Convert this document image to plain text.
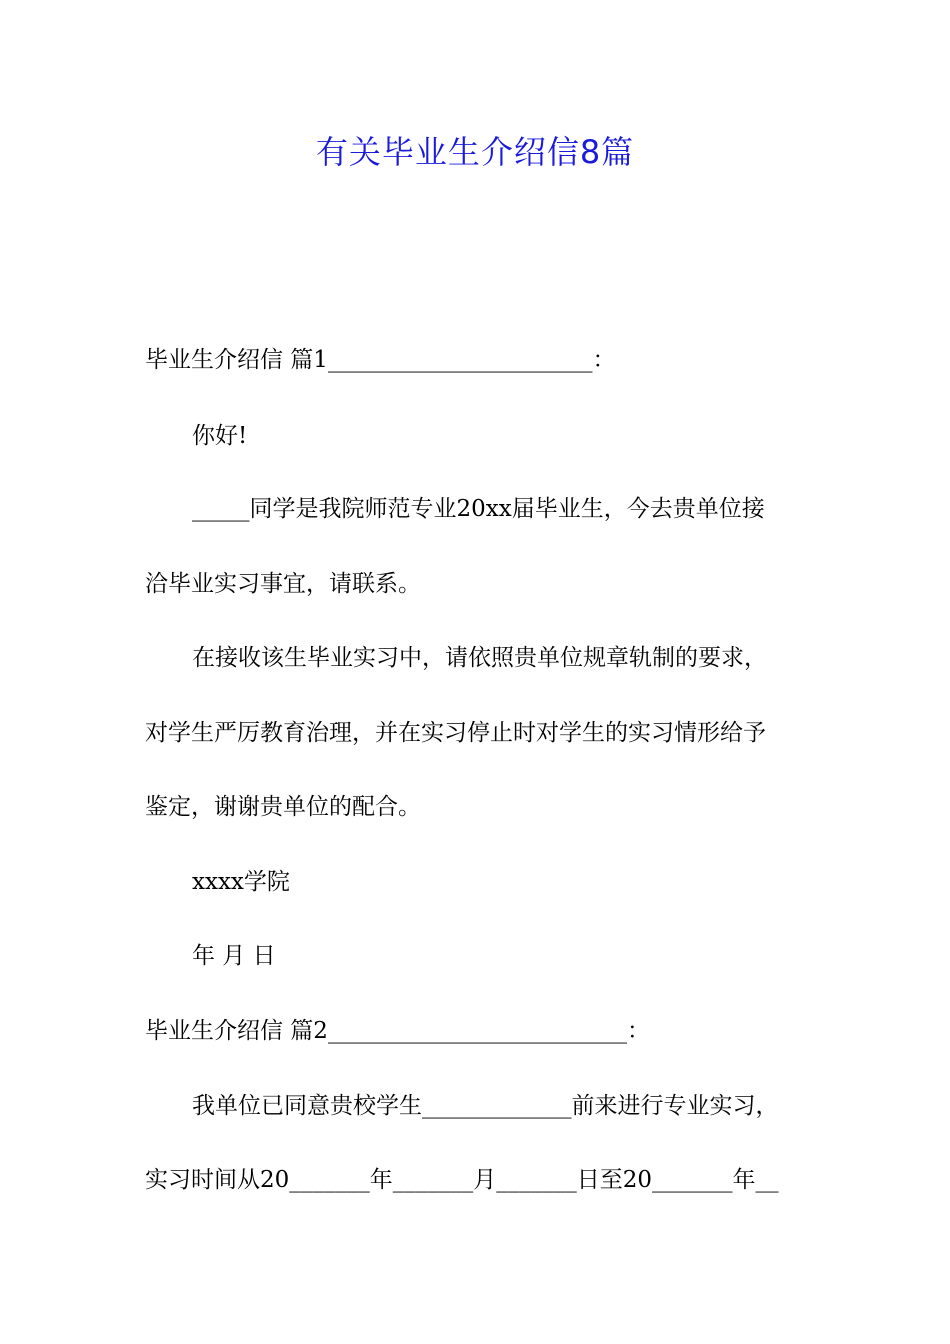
有关毕业生介绍信8篇
毕业生介绍信 篇1_______________________：
你好!
_____同学是我院师范专业20xx届毕业生，今去贵单位接
洽毕业实习事宜，请联系。
在接收该生毕业实习中，请依照贵单位规章轨制的要求，
对学生严厉教育治理，并在实习停止时对学生的实习情形给予
鉴定，谢谢贵单位的配合。
xxxx学院
年 月 日
毕业生介绍信 篇2__________________________：
我单位已同意贵校学生_____________前来进行专业实习，
实习时间从20_______年_______月_______日至20_______年__
